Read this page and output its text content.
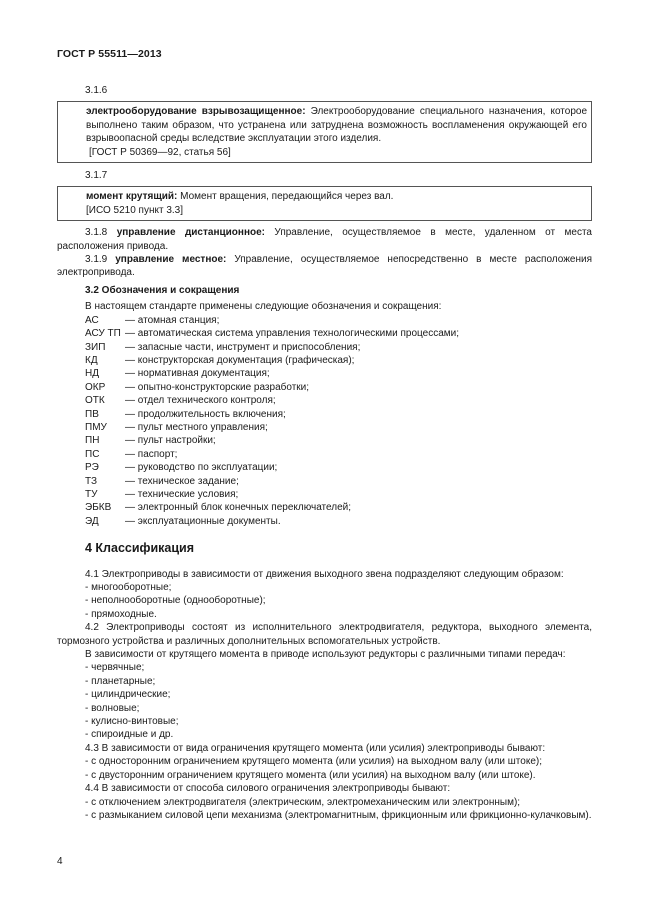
ГОСТ Р 55511—2013

3.1.6

электрооборудование взрывозащищенное: Электрооборудование специального назначения, которое выполнено таким образом, что устранена или затруднена возможность воспламенения окружающей его взрывоопасной среды вследствие эксплуатации этого изделия.

[ГОСТ Р 50369—92, статья 56]

3.1.7

момент крутящий: Момент вращения, передающийся через вал.

[ИСО 5210 пункт 3.3]

3.1.8 управление дистанционное: Управление, осуществляемое в месте, удаленном от места расположения привода.

3.1.9 управление местное: Управление, осуществляемое непосредственно в месте расположения электропривода.

3.2 Обозначения и сокращения

В настоящем стандарте применены следующие обозначения и сокращения:

АС	— атомная станция;
АСУ ТП — автоматическая система управления технологическими процессами;
ЗИП	— запасные части, инструмент и приспособления;
КД	— конструкторская документация (графическая);
НД	— нормативная документация;
ОКР	— опытно-конструкторские разработки;
ОТК	— отдел технического контроля;
ПВ	— продолжительность включения;
ПМУ	— пульт местного управления;
ПН	— пульт настройки;
ПС	— паспорт;
РЭ	— руководство по эксплуатации;
ТЗ	— техническое задание;
ТУ	— технические условия;
ЭБКВ	— электронный блок конечных переключателей;
ЭД	— эксплуатационные документы.

4 Классификация

4.1 Электроприводы в зависимости от движения выходного звена подразделяют следующим образом:

- многооборотные;

- неполнооборотные (однооборотные);

- прямоходные.

4.2 Электроприводы состоят из исполнительного электродвигателя, редуктора, выходного элемента, тормозного устройства и различных дополнительных вспомогательных устройств.

В зависимости от крутящего момента в приводе используют редукторы с различными типами передач:

- червячные;

- планетарные;

- цилиндрические;

- волновые;

- кулисно-винтовые;

- спироидные и др.

4.3 В зависимости от вида ограничения крутящего момента (или усилия) электроприводы бывают:

- с односторонним ограничением крутящего момента (или усилия) на выходном валу (или штоке);

- с двусторонним ограничением крутящего момента (или усилия) на выходном валу (или штоке).

4.4 В зависимости от способа силового ограничения электроприводы бывают:

- с отключением электродвигателя (электрическим, электромеханическим или электронным);

- с размыканием силовой цепи механизма (электромагнитным, фрикционным или фрикционно-кулачковым).

4
